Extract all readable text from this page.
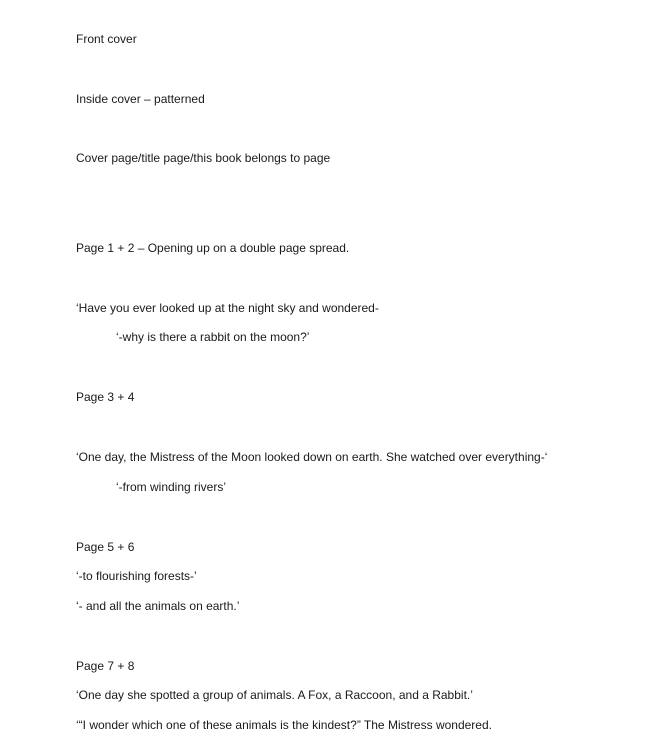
Front cover
Inside cover – patterned
Cover page/title page/this book belongs to page
Page 1 + 2 – Opening up on a double page spread.
‘Have you ever looked up at the night sky and wondered-
‘-why is there a rabbit on the moon?’
Page 3 + 4
‘One day, the Mistress of the Moon looked down on earth. She watched over everything-‘
‘-from winding rivers’
Page 5 + 6
‘-to flourishing forests-’
‘- and all the animals on earth.’
Page 7 + 8
‘One day she spotted a group of animals. A Fox, a Raccoon, and a Rabbit.’
‘“I wonder which one of these animals is the kindest?” The Mistress wondered.
